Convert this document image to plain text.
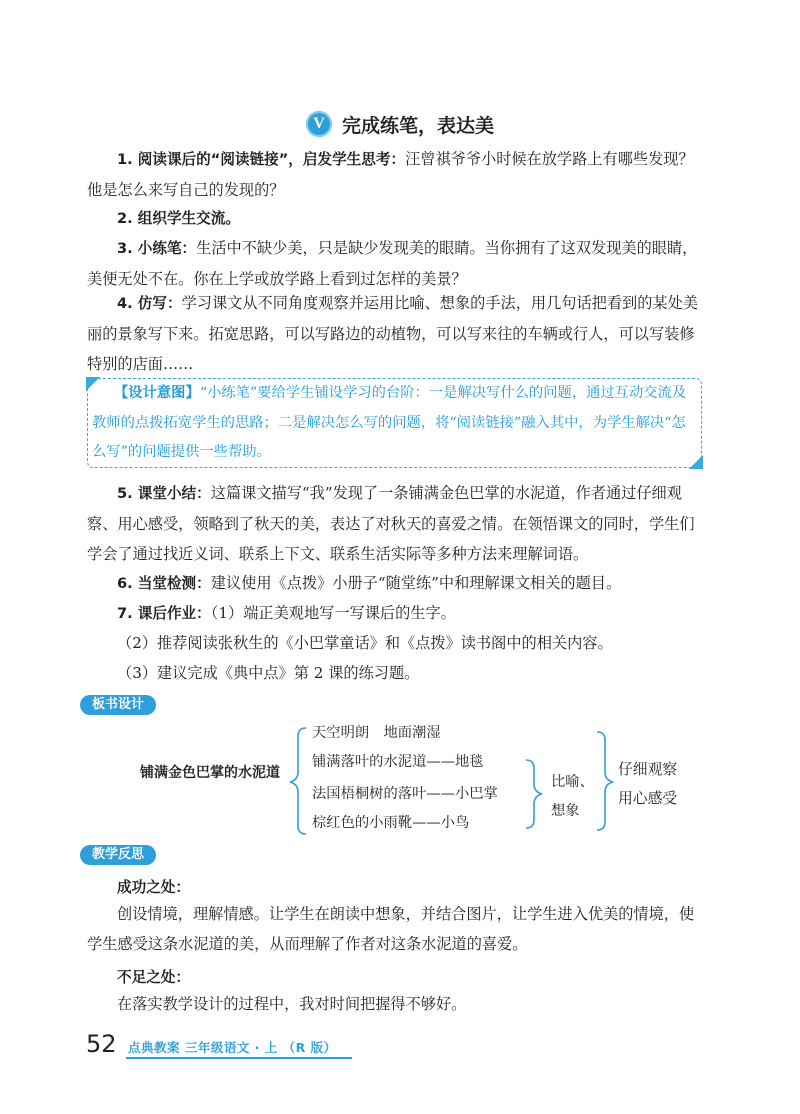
V 完成练笔，表达美
1. 阅读课后的“阅读链接”，启发学生思考：汪曾祺爷爷小时候在放学路上有哪些发现？他是怎么来写自己的发现的？
2. 组织学生交流。
3. 小练笔：生活中不缺少美，只是缺少发现美的眼睛。当你拥有了这双发现美的眼睛，美便无处不在。你在上学或放学路上看到过怎样的美景？
4. 仿写：学习课文从不同角度观察并运用比喻、想象的手法，用几句话把看到的某处美丽的景象写下来。拓宽思路，可以写路边的动植物，可以写来往的车辆或行人，可以写装修特别的店面……
【设计意图】“小练笔”要给学生铺设学习的台阶：一是解决写什么的问题，通过互动交流及教师的点拨拓宽学生的思路；二是解决怎么写的问题，将“阅读链接”融入其中，为学生解决“怎么写”的问题提供一些帮助。
5. 课堂小结：这篇课文描写“我”发现了一条铺满金色巴掌的水泥道，作者通过仔细观察、用心感受，领略到了秋天的美，表达了对秋天的喜爱之情。在领悟课文的同时，学生们学会了通过找近义词、联系上下文、联系生活实际等多种方法来理解词语。
6. 当堂检测：建议使用《点拨》小册子“随堂练”中和理解课文相关的题目。
7. 课后作业：（1）端正美观地写一写课后的生字。
（2）推荐阅读张秋生的《小巴掌童话》和《点拨》读书阁中的相关内容。
（3）建议完成《典中点》第 2 课的练习题。
板书设计
铺满金色巴掌的水泥道
天空明朗　地面潮湿
铺满落叶的水泥道——地毯
法国梧桐树的落叶——小巴掌
棕红色的小雨靴——小鸟
比喻、
想象
仔细观察
用心感受
教学反思
成功之处：
创设情境，理解情感。让学生在朗读中想象，并结合图片，让学生进入优美的情境，使学生感受这条水泥道的美，从而理解了作者对这条水泥道的喜爱。
不足之处：
在落实教学设计的过程中，我对时间把握得不够好。
52 点典教案 三年级语文 · 上 （R 版）
